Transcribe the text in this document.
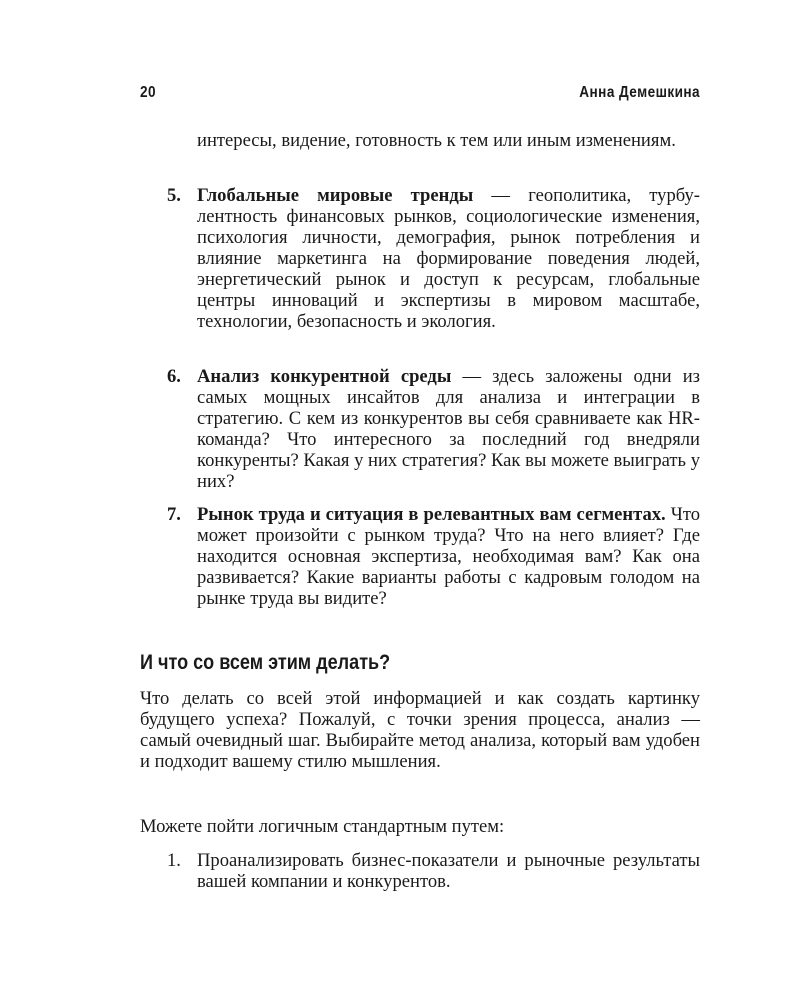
20	Анна Демешкина
интересы, видение, готовность к тем или иным изменениям.
5. Глобальные мировые тренды — геополитика, турбулентность финансовых рынков, социологические изменения, психология личности, демография, рынок потребления и влияние маркетинга на формирование поведения людей, энергетический рынок и доступ к ресурсам, глобальные центры инноваций и экспертизы в мировом масштабе, технологии, безопасность и экология.
6. Анализ конкурентной среды — здесь заложены одни из самых мощных инсайтов для анализа и интеграции в стратегию. С кем из конкурентов вы себя сравниваете как HR-команда? Что интересного за последний год внедряли конкуренты? Какая у них стратегия? Как вы можете выиграть у них?
7. Рынок труда и ситуация в релевантных вам сегментах. Что может произойти с рынком труда? Что на него влияет? Где находится основная экспертиза, необходимая вам? Как она развивается? Какие варианты работы с кадровым голодом на рынке труда вы видите?
И что со всем этим делать?
Что делать со всей этой информацией и как создать картинку будущего успеха? Пожалуй, с точки зрения процесса, анализ — самый очевидный шаг. Выбирайте метод анализа, который вам удобен и подходит вашему стилю мышления.
Можете пойти логичным стандартным путем:
1. Проанализировать бизнес-показатели и рыночные результаты вашей компании и конкурентов.
